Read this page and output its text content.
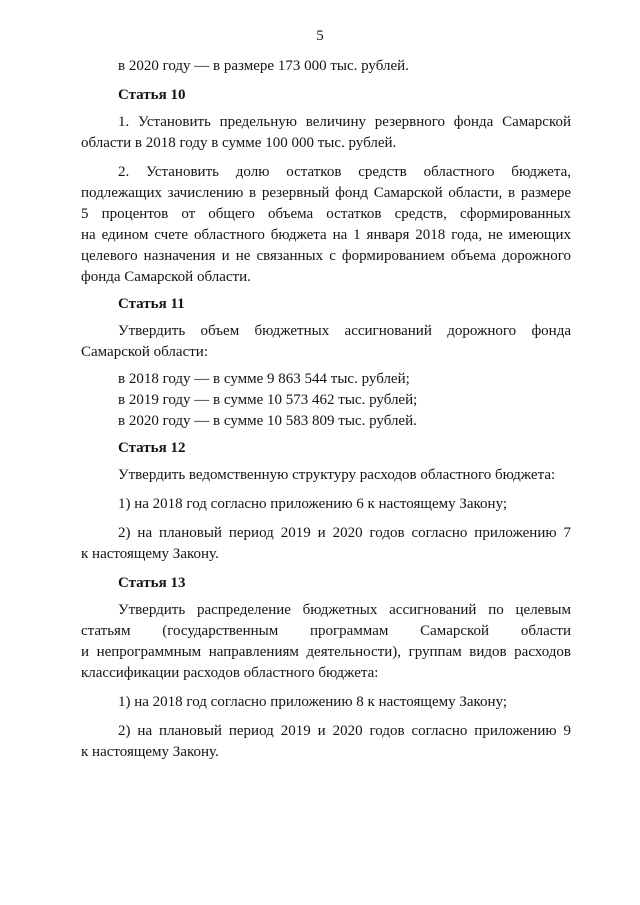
5

в 2020 году — в размере 173 000 тыс. рублей.

Статья 10

1. Установить предельную величину резервного фонда Самарской

области в 2018 году в сумме 100 000 тыс. рублей.

2. Установить долю остатков средств областного бюджета,

подлежащих зачислению в резервный фонд Самарской области, в размере

5 процентов от общего объема остатков средств, сформированных

на едином счете областного бюджета на 1 января 2018 года, не имеющих

целевого назначения и не связанных с формированием объема дорожного

фонда Самарской области.

Статья 11

Утвердить объем бюджетных ассигнований дорожного фонда

Самарской области:

в 2018 году — в сумме 9 863 544 тыс. рублей;

в 2019 году — в сумме 10 573 462 тыс. рублей;

в 2020 году — в сумме 10 583 809 тыс. рублей.

Статья 12

Утвердить ведомственную структуру расходов областного бюджета:

1) на 2018 год согласно приложению 6 к настоящему Закону;

2) на плановый период 2019 и 2020 годов согласно приложению 7

к настоящему Закону.

Статья 13

Утвердить распределение бюджетных ассигнований по целевым

статьям (государственным программам Самарской области

и непрограммным направлениям деятельности), группам видов расходов

классификации расходов областного бюджета:

1) на 2018 год согласно приложению 8 к настоящему Закону;

2) на плановый период 2019 и 2020 годов согласно приложению 9

к настоящему Закону.
